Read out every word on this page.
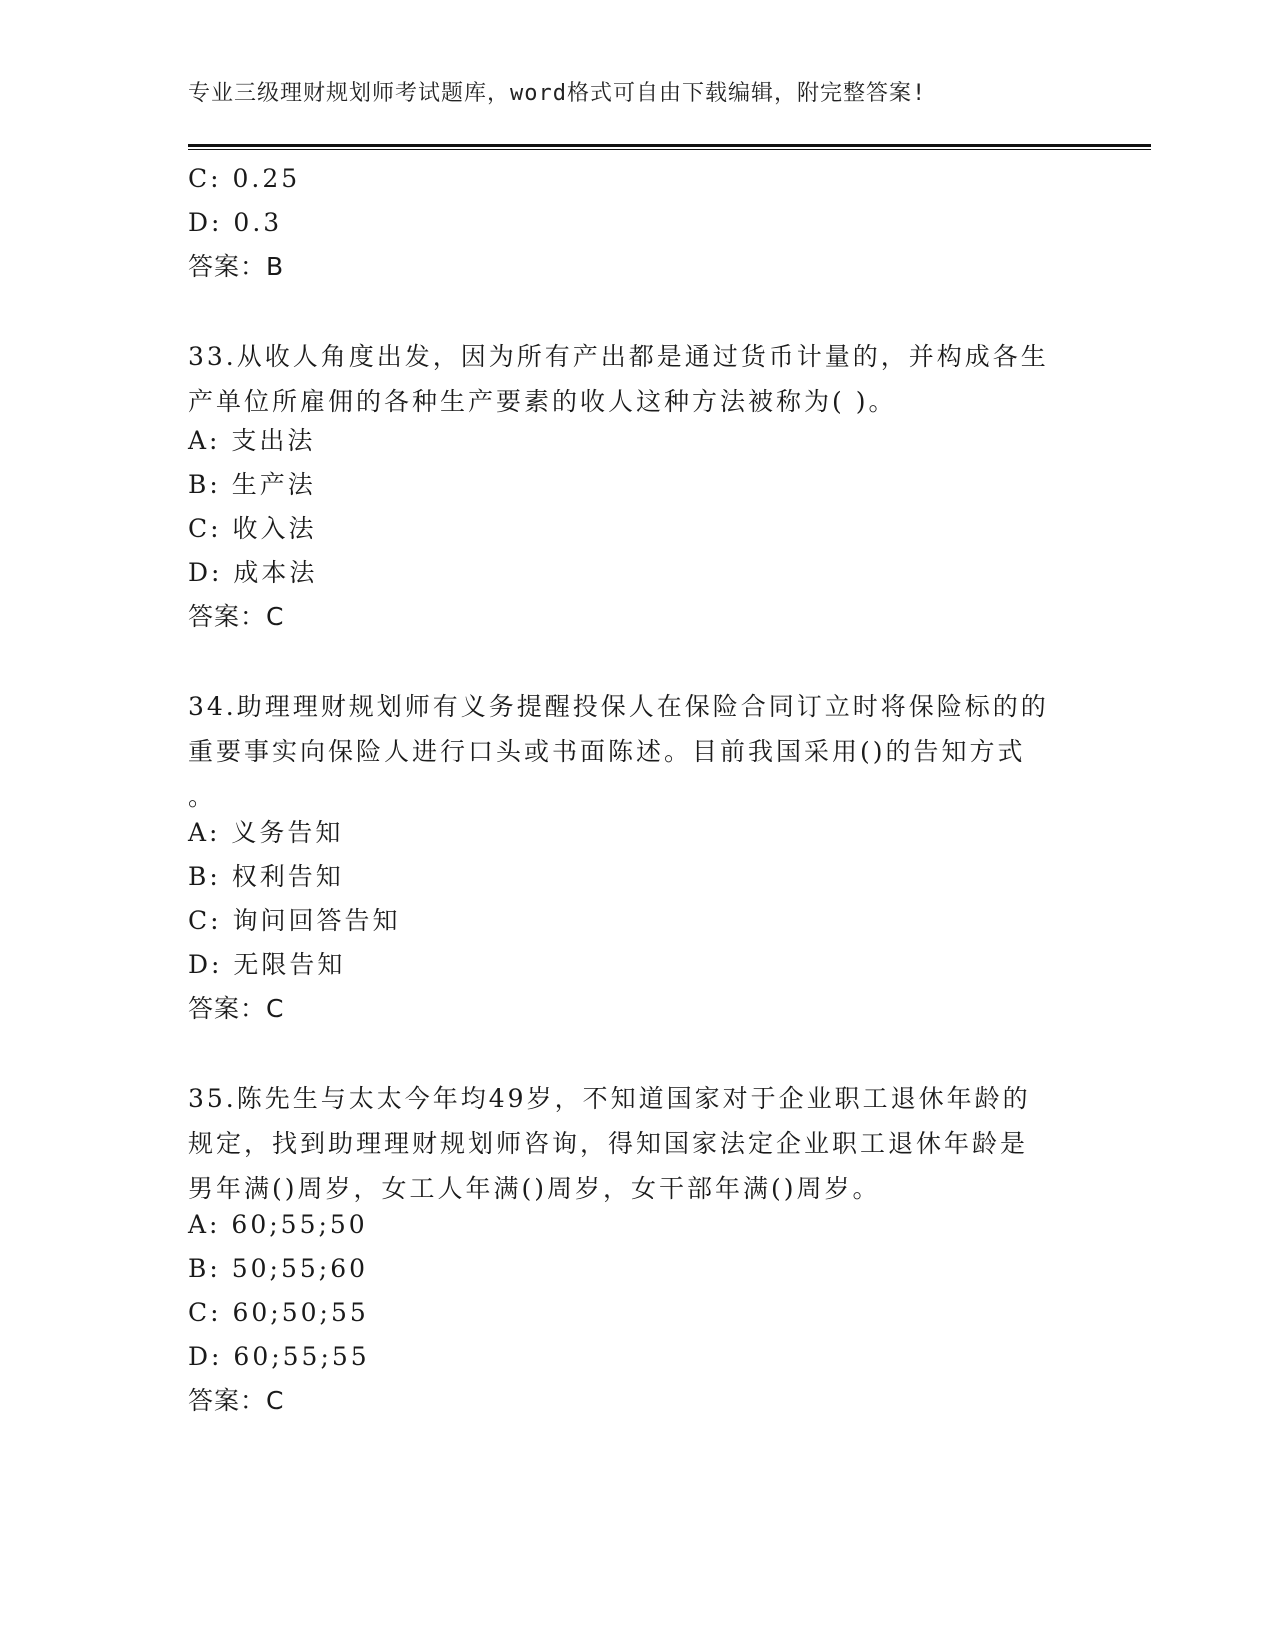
专业三级理财规划师考试题库，word格式可自由下载编辑，附完整答案!
C: 0.25
D: 0.3
答案：B
33.从收人角度出发，因为所有产出都是通过货币计量的，并构成各生
产单位所雇佣的各种生产要素的收人这种方法被称为( )。
A: 支出法
B: 生产法
C: 收入法
D: 成本法
答案：C
34.助理理财规划师有义务提醒投保人在保险合同订立时将保险标的的
重要事实向保险人进行口头或书面陈述。目前我国采用()的告知方式
。
A: 义务告知
B: 权利告知
C: 询问回答告知
D: 无限告知
答案：C
35.陈先生与太太今年均49岁，不知道国家对于企业职工退休年龄的
规定，找到助理理财规划师咨询，得知国家法定企业职工退休年龄是
男年满()周岁，女工人年满()周岁，女干部年满()周岁。
A: 60;55;50
B: 50;55;60
C: 60;50;55
D: 60;55;55
答案：C
